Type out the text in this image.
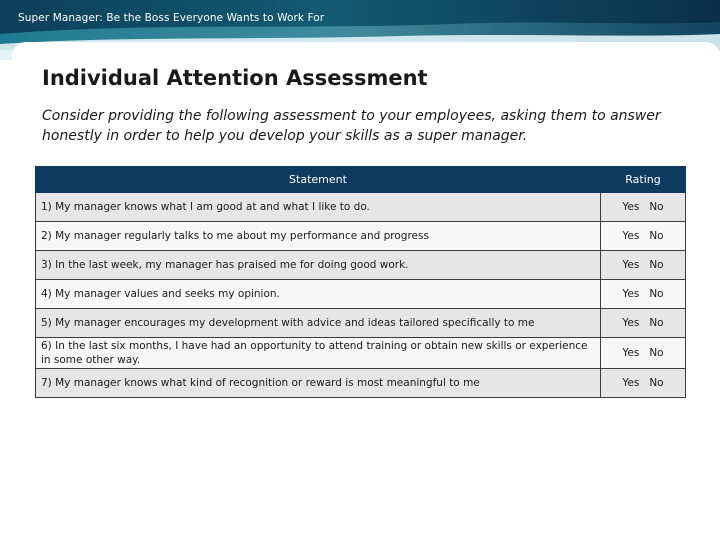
Super Manager: Be the Boss Everyone Wants to Work For
Individual Attention Assessment

Consider providing the following assessment to your employees, asking them to answer honestly in order to help you develop your skills as a super manager.

Statement	Rating
1) My manager knows what I am good at and what I like to do.	Yes No
2) My manager regularly talks to me about my performance and progress	Yes No
3) In the last week, my manager has praised me for doing good work.	Yes No
4) My manager values and seeks my opinion.	Yes No
5) My manager encourages my development with advice and ideas tailored specifically to me	Yes No
6) In the last six months, I have had an opportunity to attend training or obtain new skills or experience in some other way.	Yes No
7) My manager knows what kind of recognition or reward is most meaningful to me	Yes No
